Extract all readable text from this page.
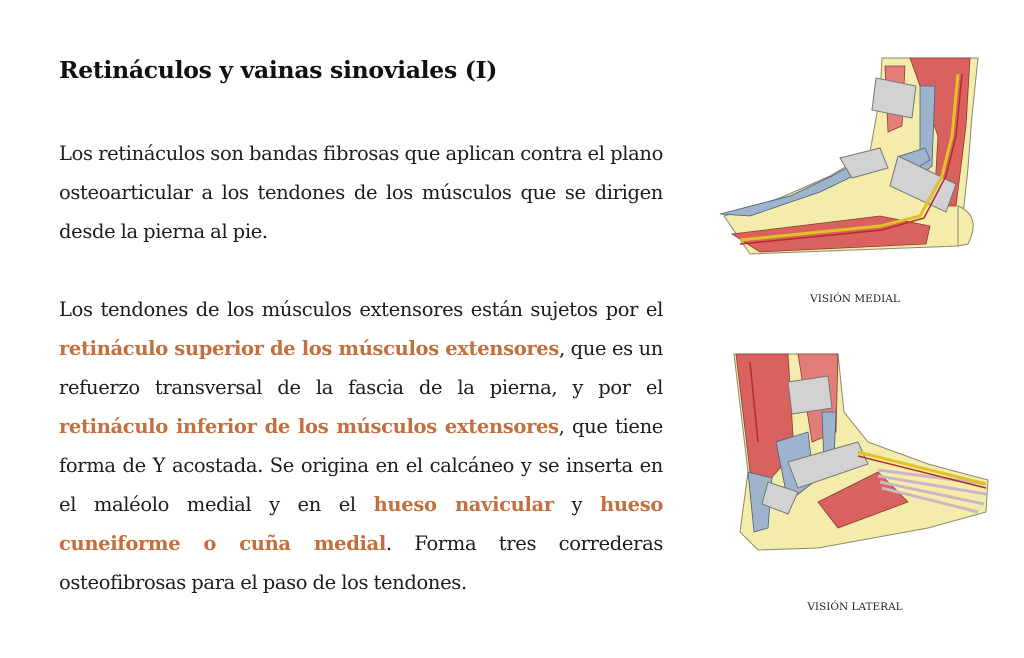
Retináculos y vainas sinoviales (I)

Los retináculos son bandas fibrosas que aplican contra el plano osteoarticular a los tendones de los músculos que se dirigen desde la pierna al pie.

Los tendones de los músculos extensores están sujetos por el retináculo superior de los músculos extensores, que es un refuerzo transversal de la fascia de la pierna, y por el retináculo inferior de los músculos extensores, que tiene forma de Y acostada. Se origina en el calcáneo y se inserta en el maléolo medial y en el hueso navicular y hueso cuneiforme o cuña medial. Forma tres correderas osteofibrosas para el paso de los tendones.

VISIÓN MEDIAL
VISIÓN LATERAL
